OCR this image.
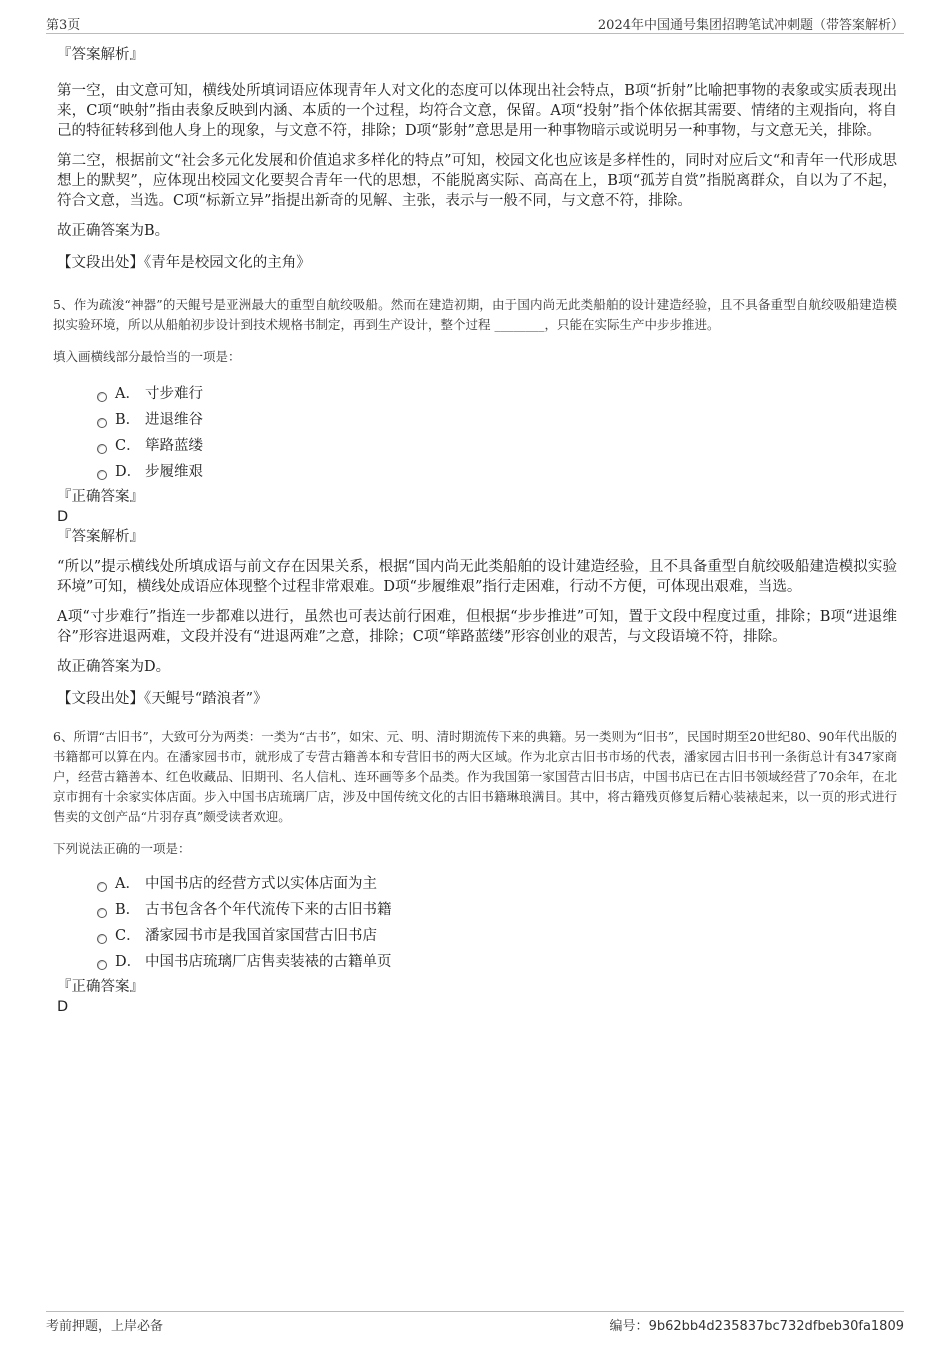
第3页	2024年中国通号集团招聘笔试冲刺题（带答案解析）

『答案解析』

第一空，由文意可知，横线处所填词语应体现青年人对文化的态度可以体现出社会特点，B项“折射”比喻把事物的表象或实质表现出来，C项“映射”指由表象反映到内涵、本质的一个过程，均符合文意，保留。A项“投射”指个体依据其需要、情绪的主观指向，将自己的特征转移到他人身上的现象，与文意不符，排除；D项“影射”意思是用一种事物暗示或说明另一种事物，与文意无关，排除。

第二空，根据前文“社会多元化发展和价值追求多样化的特点”可知，校园文化也应该是多样性的，同时对应后文“和青年一代形成思想上的默契”，应体现出校园文化要契合青年一代的思想，不能脱离实际、高高在上，B项“孤芳自赏”指脱离群众，自以为了不起，符合文意，当选。C项“标新立异”指提出新奇的见解、主张，表示与一般不同，与文意不符，排除。

故正确答案为B。

【文段出处】《青年是校园文化的主角》

5、作为疏浚“神器”的天鲲号是亚洲最大的重型自航绞吸船。然而在建造初期，由于国内尚无此类船舶的设计建造经验，且不具备重型自航绞吸船建造模拟实验环境，所以从船舶初步设计到技术规格书制定，再到生产设计，整个过程 ________，只能在实际生产中步步推进。

填入画横线部分最恰当的一项是：

A． 寸步难行
B． 进退维谷
C． 筚路蓝缕
D． 步履维艰

『正确答案』

D

『答案解析』

“所以”提示横线处所填成语与前文存在因果关系，根据“国内尚无此类船舶的设计建造经验，且不具备重型自航绞吸船建造模拟实验环境”可知，横线处成语应体现整个过程非常艰难。D项“步履维艰”指行走困难，行动不方便，可体现出艰难，当选。

A项“寸步难行”指连一步都难以进行，虽然也可表达前行困难，但根据“步步推进”可知，置于文段中程度过重，排除；B项“进退维谷”形容进退两难，文段并没有“进退两难”之意，排除；C项“筚路蓝缕”形容创业的艰苦，与文段语境不符，排除。

故正确答案为D。

【文段出处】《天鲲号“踏浪者”》

6、所谓“古旧书”，大致可分为两类：一类为“古书”，如宋、元、明、清时期流传下来的典籍。另一类则为“旧书”，民国时期至20世纪80、90年代出版的书籍都可以算在内。在潘家园书市，就形成了专营古籍善本和专营旧书的两大区域。作为北京古旧书市场的代表，潘家园古旧书刊一条街总计有347家商户，经营古籍善本、红色收藏品、旧期刊、名人信札、连环画等多个品类。作为我国第一家国营古旧书店，中国书店已在古旧书领域经营了70余年，在北京市拥有十余家实体店面。步入中国书店琉璃厂店，涉及中国传统文化的古旧书籍琳琅满目。其中，将古籍残页修复后精心装裱起来，以一页的形式进行售卖的文创产品“片羽存真”颇受读者欢迎。

下列说法正确的一项是：

A． 中国书店的经营方式以实体店面为主
B． 古书包含各个年代流传下来的古旧书籍
C． 潘家园书市是我国首家国营古旧书店
D． 中国书店琉璃厂店售卖装裱的古籍单页

『正确答案』

D

考前押题，上岸必备	编号：9b62bb4d235837bc732dfbeb30fa1809
